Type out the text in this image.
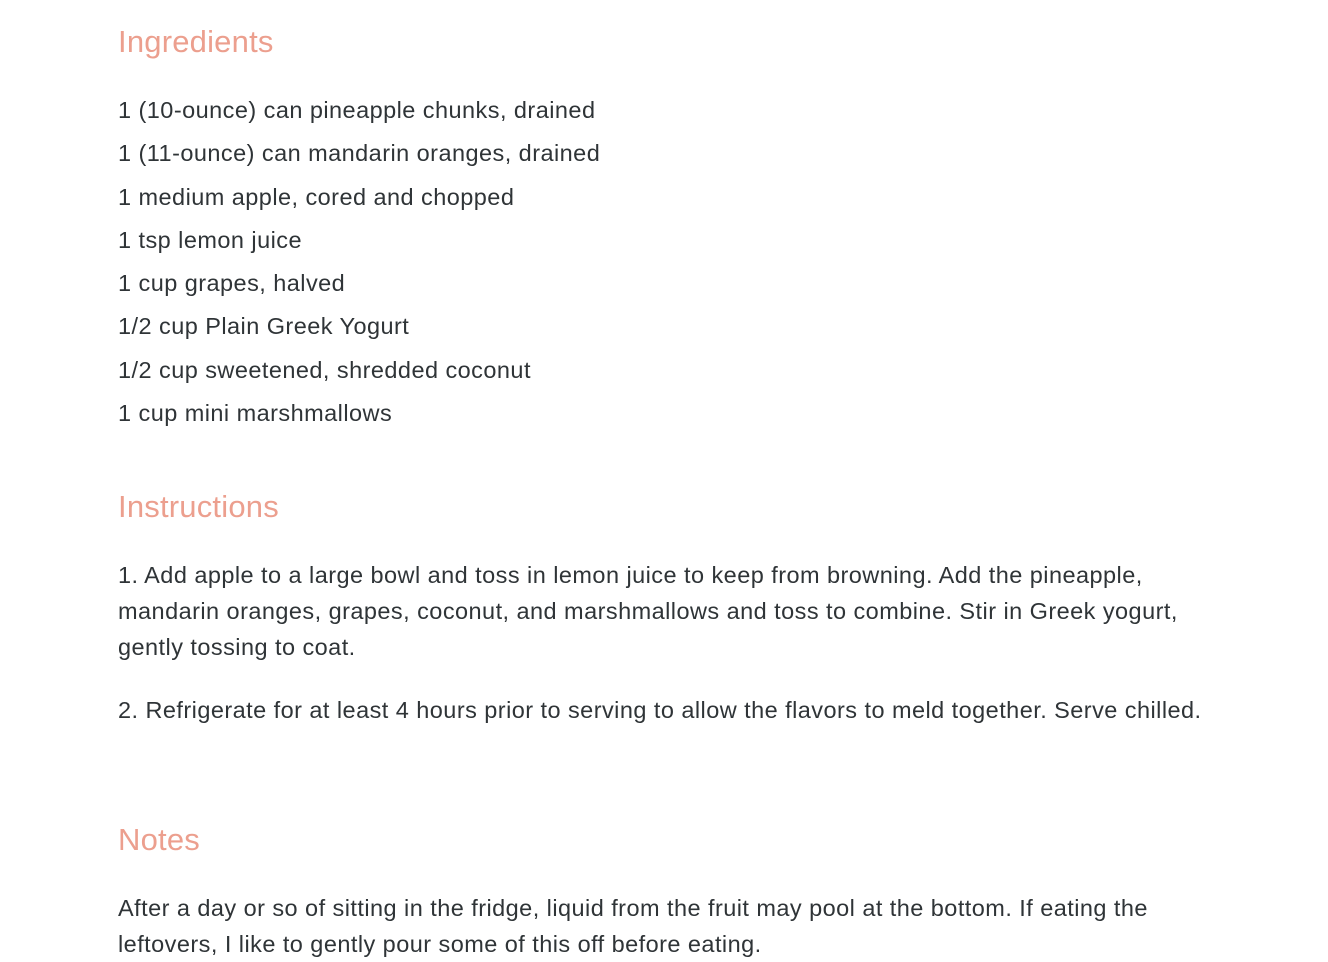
Ingredients
1 (10-ounce) can pineapple chunks, drained
1 (11-ounce) can mandarin oranges, drained
1 medium apple, cored and chopped
1 tsp lemon juice
1 cup grapes, halved
1/2 cup Plain Greek Yogurt
1/2 cup sweetened, shredded coconut
1 cup mini marshmallows
Instructions

1. Add apple to a large bowl and toss in lemon juice to keep from browning. Add the pineapple, mandarin oranges, grapes, coconut, and marshmallows and toss to combine. Stir in Greek yogurt, gently tossing to coat.

2. Refrigerate for at least 4 hours prior to serving to allow the flavors to meld together. Serve chilled.

Notes

After a day or so of sitting in the fridge, liquid from the fruit may pool at the bottom. If eating the leftovers, I like to gently pour some of this off before eating.
